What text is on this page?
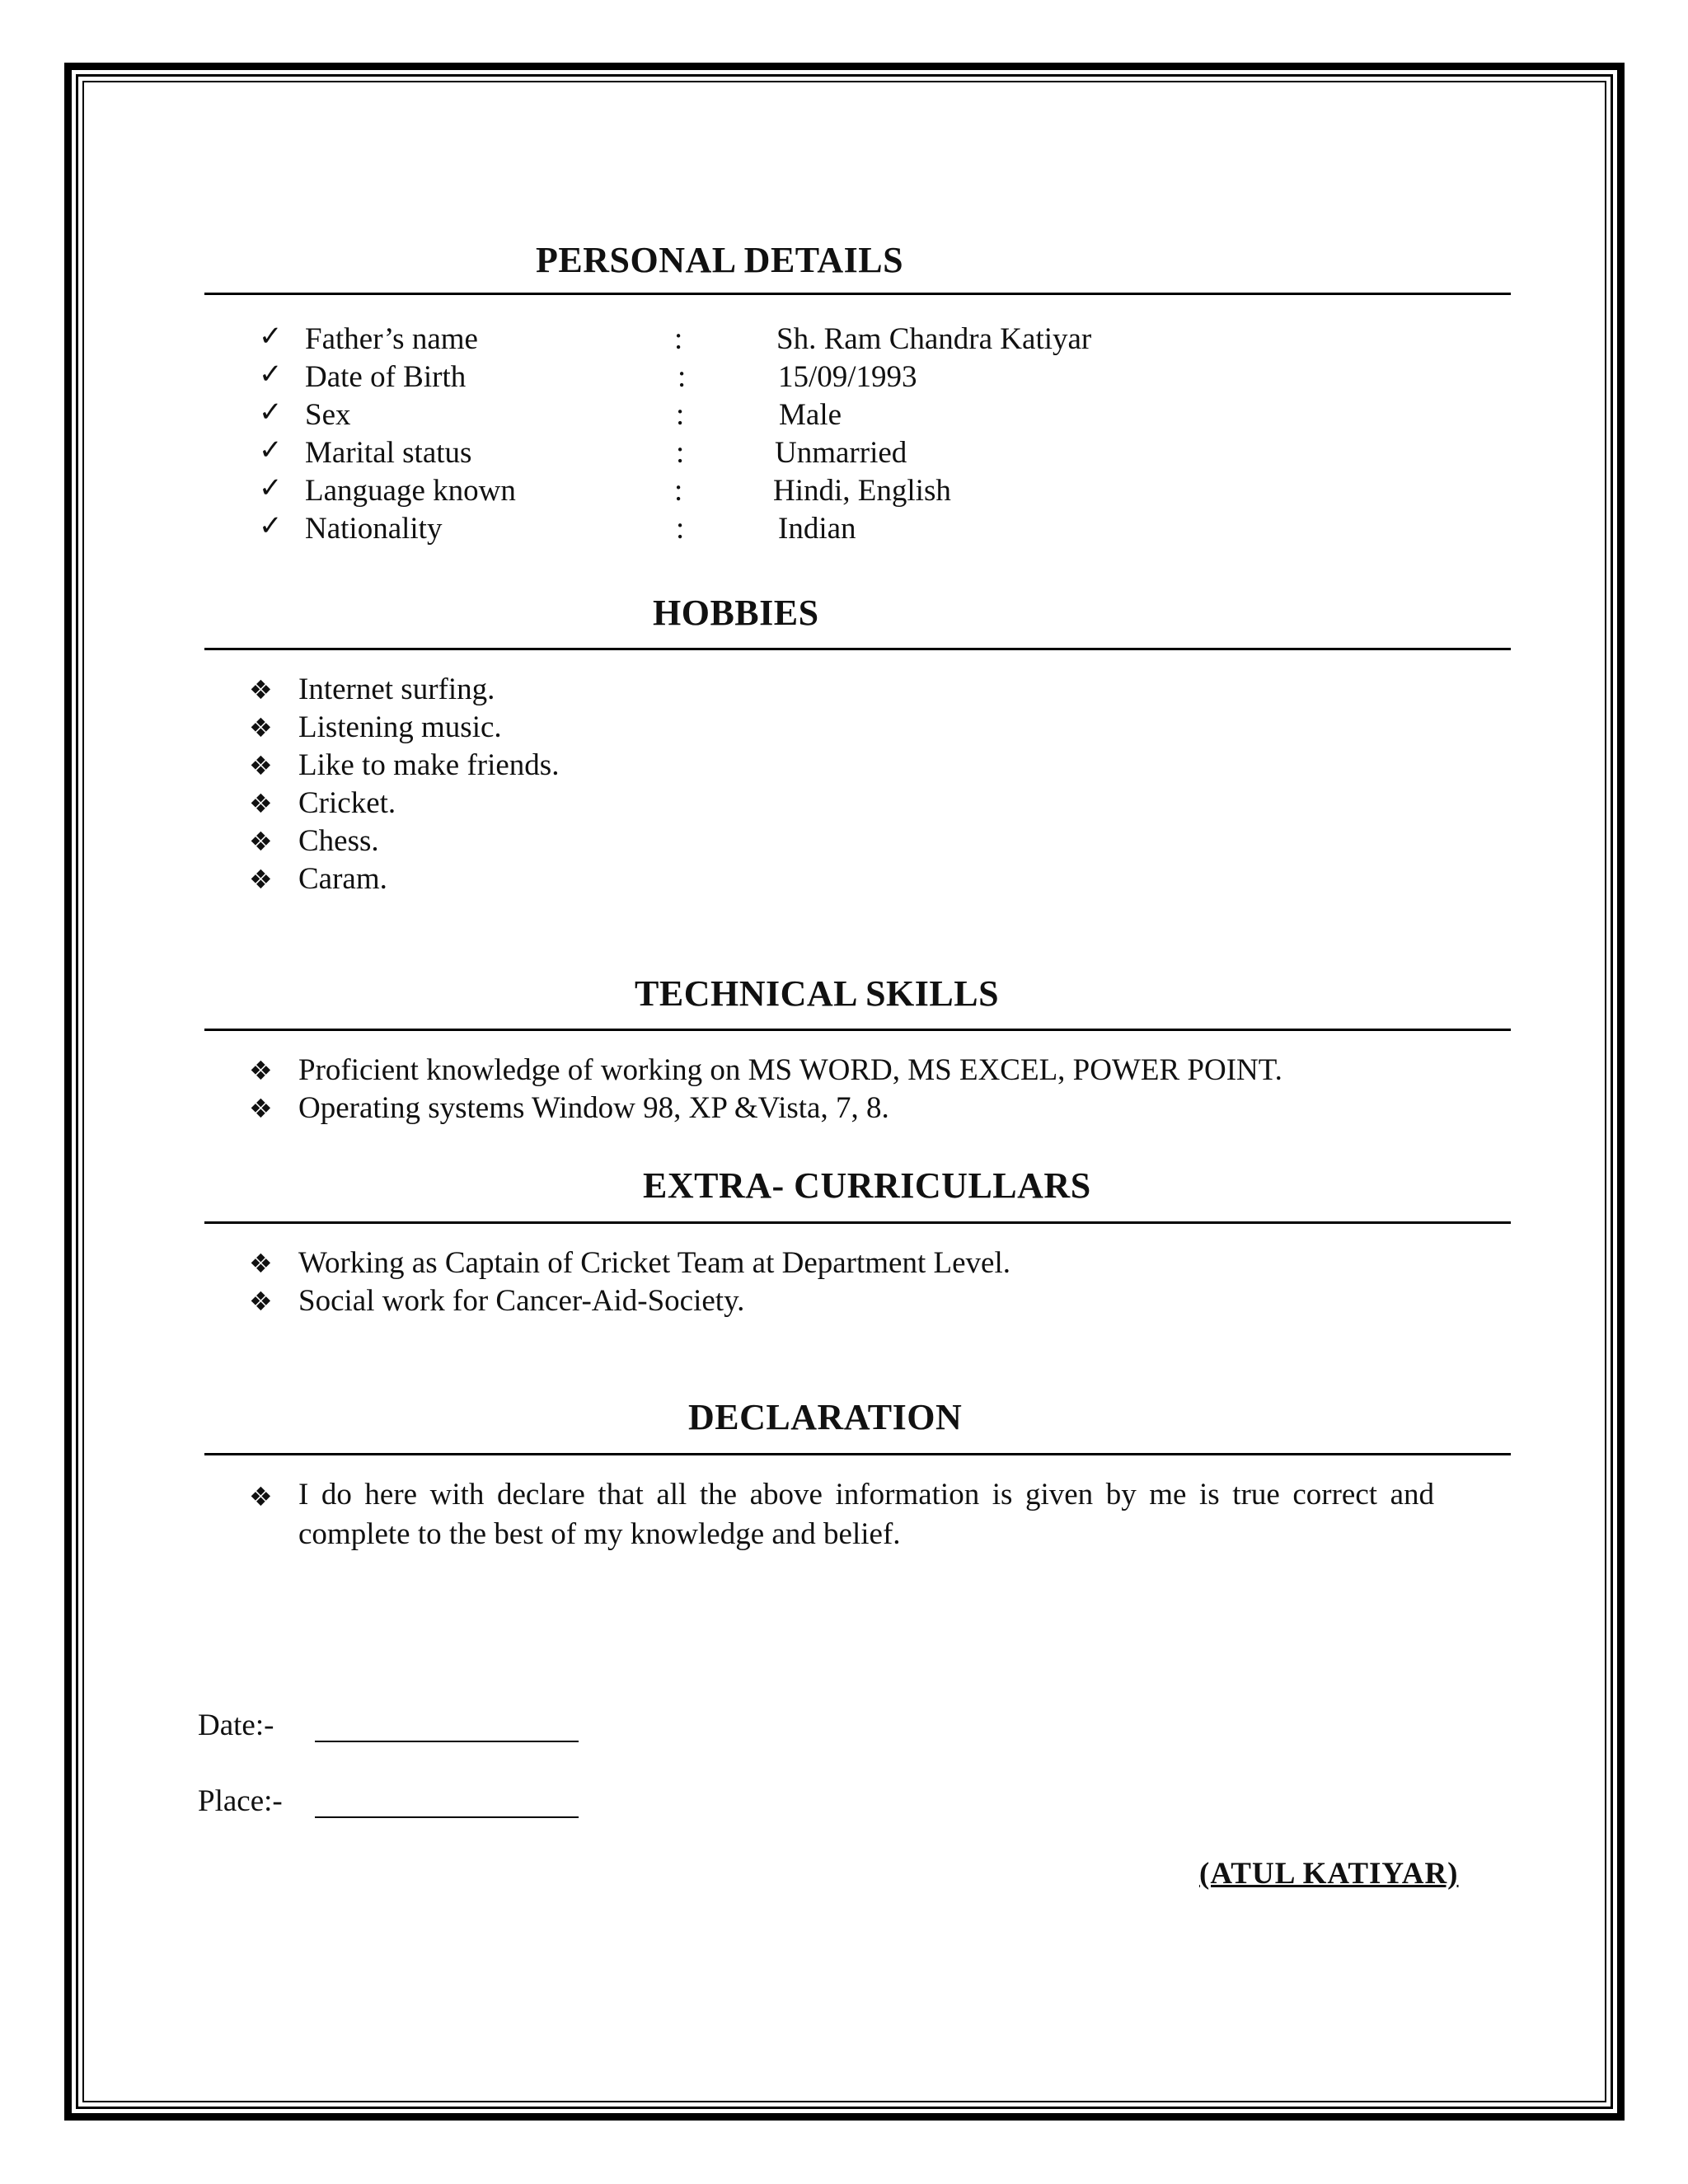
PERSONAL DETAILS
✓ Father’s name	:	Sh. Ram Chandra Katiyar
✓ Date of Birth	:	15/09/1993
✓ Sex	:	Male
✓ Marital status	:	Unmarried
✓ Language known	:	Hindi, English
✓ Nationality	:	Indian
HOBBIES
❖ Internet surfing.
❖ Listening music.
❖ Like to make friends.
❖ Cricket.
❖ Chess.
❖ Caram.
TECHNICAL SKILLS
❖ Proficient knowledge of working on MS WORD, MS EXCEL, POWER POINT.
❖ Operating systems Window 98, XP &Vista, 7, 8.
EXTRA- CURRICULLARS
❖ Working as Captain of Cricket Team at Department Level.
❖ Social work for Cancer-Aid-Society.
DECLARATION
❖ I do here with declare that all the above information is given by me is true correct and complete to the best of my knowledge and belief.
Date:-
Place:-
(ATUL KATIYAR)
